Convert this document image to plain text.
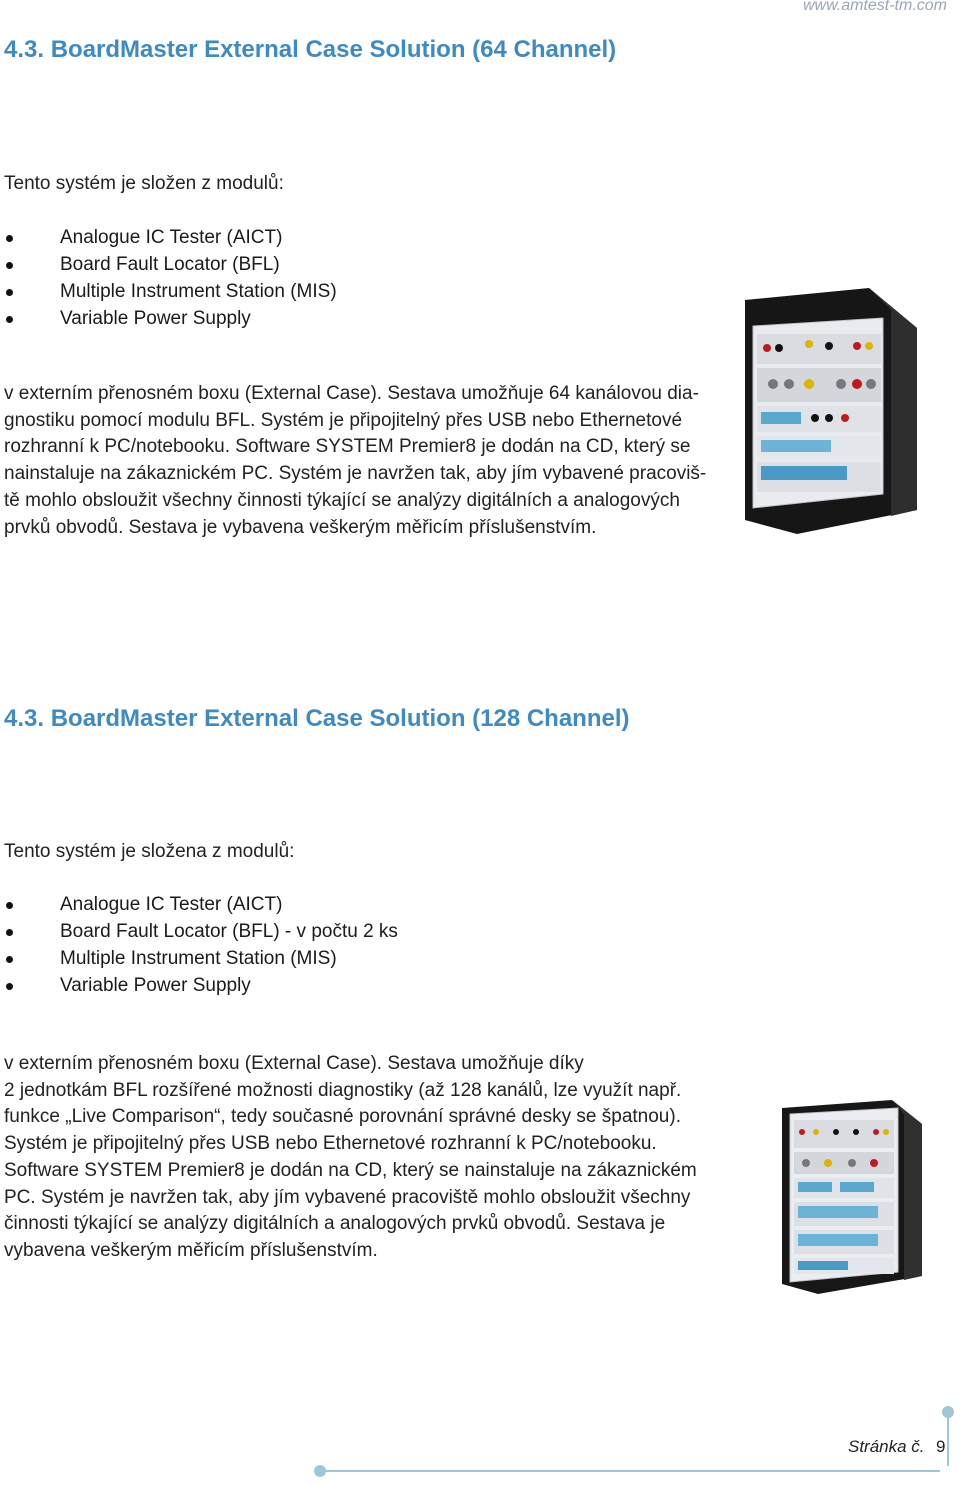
www.amtest-tm.com
4.3. BoardMaster External Case Solution (64 Channel)
Tento systém je složen z modulů:
Analogue IC Tester (AICT)
Board Fault Locator (BFL)
Multiple Instrument Station (MIS)
Variable Power Supply
v externím přenosném boxu (External Case). Sestava umožňuje 64 kanálovou dia-
gnostiku pomocí modulu BFL. Systém je připojitelný přes USB nebo Ethernetové
rozhranní k PC/notebooku. Software SYSTEM Premier8 je dodán na CD, který se
nainstaluje na zákaznickém PC. Systém je navržen tak, aby jím vybavené pracoviš-
tě mohlo obsloužit všechny činnosti týkající se analýzy digitálních a analogových
prvků obvodů. Sestava je vybavena veškerým měřicím příslušenstvím.
4.3. BoardMaster External Case Solution (128 Channel)
Tento systém je složena z modulů:
Analogue IC Tester (AICT)
Board Fault Locator (BFL) - v počtu 2 ks
Multiple Instrument Station (MIS)
Variable Power Supply
v externím přenosném boxu (External Case). Sestava umožňuje díky
2 jednotkám BFL rozšířené možnosti diagnostiky (až 128 kanálů, lze využít např.
funkce „Live Comparison“, tedy současné porovnání správné desky se špatnou).
Systém je připojitelný přes USB nebo Ethernetové rozhranní k PC/notebooku.
Software SYSTEM Premier8 je dodán na CD, který se nainstaluje na zákaznickém
PC. Systém je navržen tak, aby jím vybavené pracoviště mohlo obsloužit všechny
činnosti týkající se analýzy digitálních a analogových prvků obvodů. Sestava je
vybavena veškerým měřicím příslušenstvím.
Stránka č. 9
